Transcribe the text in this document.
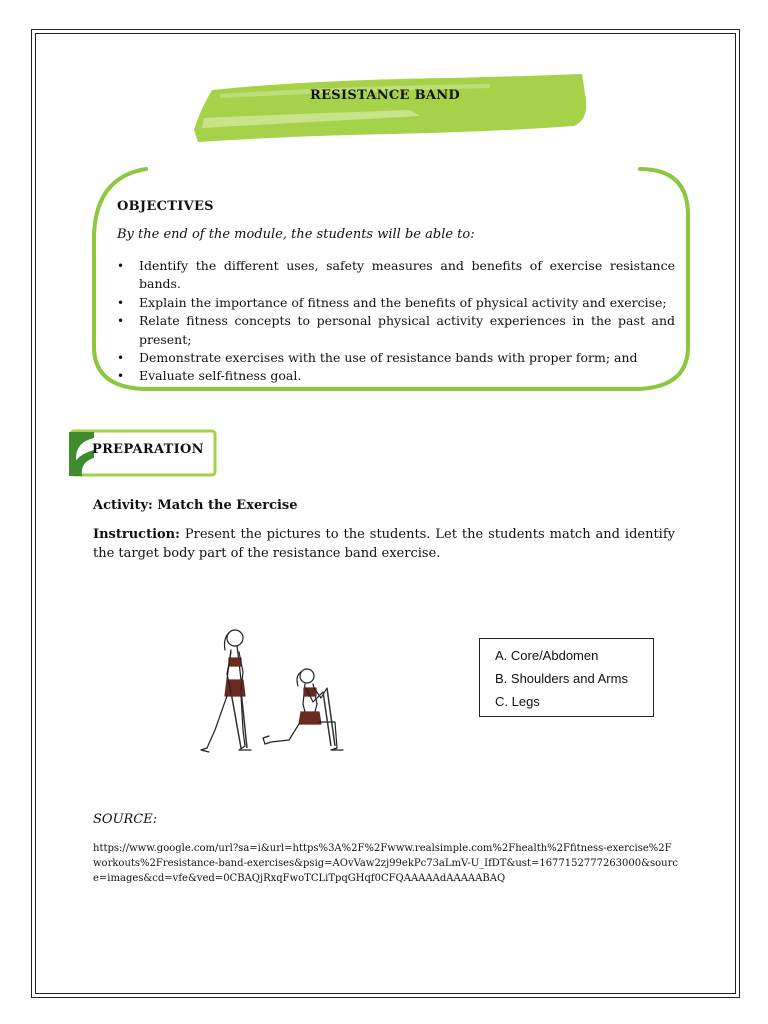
RESISTANCE BAND
OBJECTIVES
By the end of the module, the students will be able to:
• Identify the different uses, safety measures and benefits of exercise resistance bands.
• Explain the importance of fitness and the benefits of physical activity and exercise;
• Relate fitness concepts to personal physical activity experiences in the past and present;
• Demonstrate exercises with the use of resistance bands with proper form; and
• Evaluate self-fitness goal.
PREPARATION
Activity: Match the Exercise
Instruction: Present the pictures to the students. Let the students match and identify the target body part of the resistance band exercise.
A. Core/Abdomen
B. Shoulders and Arms
C. Legs
SOURCE:
https://www.google.com/url?sa=i&url=https%3A%2F%2Fwww.realsimple.com%2Fhealth%2Ffitness-exercise%2Fworkouts%2Fresistance-band-exercises&psig=AOvVaw2zj99ekPc73aLmV-U_IfDT&ust=1677152777263000&source=images&cd=vfe&ved=0CBAQjRxqFwoTCLiTpqGHqf0CFQAAAAAdAAAAABAQ
